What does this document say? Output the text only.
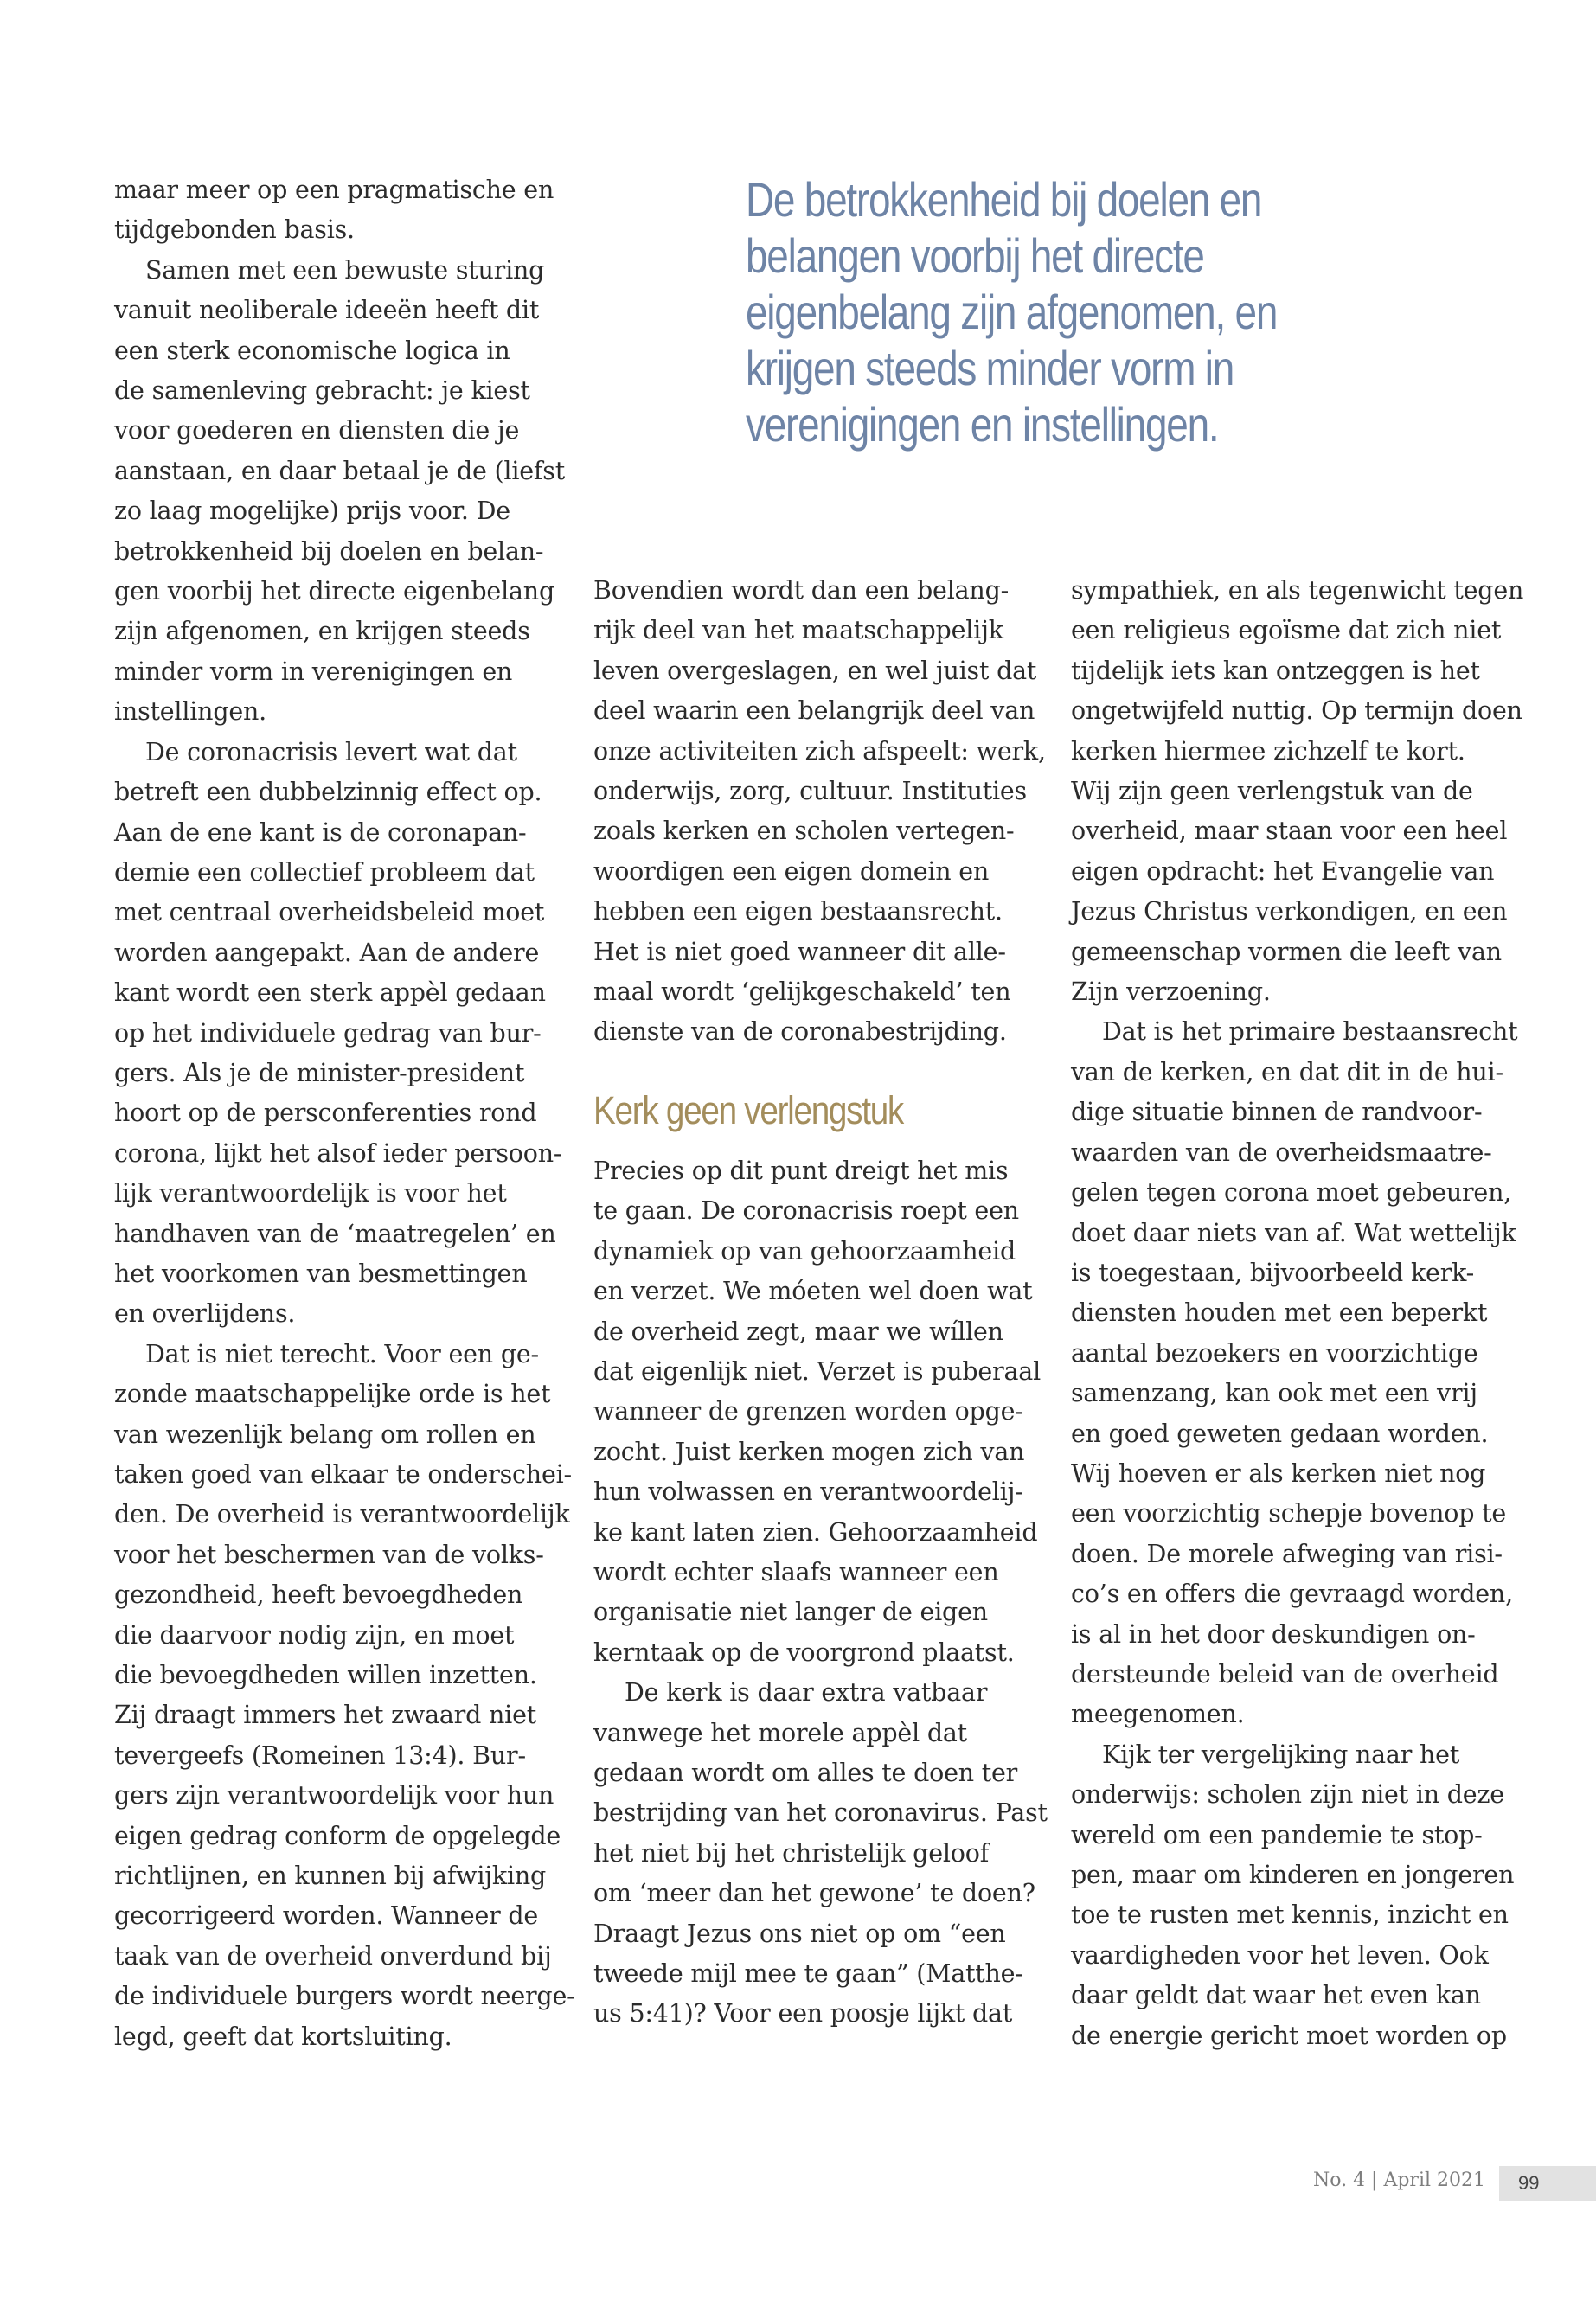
De betrokkenheid bij doelen en
belangen voorbij het directe
eigenbelang zijn afgenomen, en
krijgen steeds minder vorm in
verenigingen en instellingen.
maar meer op een pragmatische en
tijdgebonden basis.
Samen met een bewuste sturing
vanuit neoliberale ideeën heeft dit
een sterk economische logica in
de samenleving gebracht: je kiest
voor goederen en diensten die je
aanstaan, en daar betaal je de (liefst
zo laag mogelijke) prijs voor. De
betrokkenheid bij doelen en belan-
gen voorbij het directe eigenbelang
zijn afgenomen, en krijgen steeds
minder vorm in verenigingen en
instellingen.
De coronacrisis levert wat dat
betreft een dubbelzinnig effect op.
Aan de ene kant is de coronapan-
demie een collectief probleem dat
met centraal overheidsbeleid moet
worden aangepakt. Aan de andere
kant wordt een sterk appèl gedaan
op het individuele gedrag van bur-
gers. Als je de minister-president
hoort op de persconferenties rond
corona, lijkt het alsof ieder persoon-
lijk verantwoordelijk is voor het
handhaven van de ‘maatregelen’ en
het voorkomen van besmettingen
en overlijdens.
Dat is niet terecht. Voor een ge-
zonde maatschappelijke orde is het
van wezenlijk belang om rollen en
taken goed van elkaar te onderschei-
den. De overheid is verantwoordelijk
voor het beschermen van de volks-
gezondheid, heeft bevoegdheden
die daarvoor nodig zijn, en moet
die bevoegdheden willen inzetten.
Zij draagt immers het zwaard niet
tevergeefs (Romeinen 13:4). Bur-
gers zijn verantwoordelijk voor hun
eigen gedrag conform de opgelegde
richtlijnen, en kunnen bij afwijking
gecorrigeerd worden. Wanneer de
taak van de overheid onverdund bij
de individuele burgers wordt neerge-
legd, geeft dat kortsluiting.
Bovendien wordt dan een belang-
rijk deel van het maatschappelijk
leven overgeslagen, en wel juist dat
deel waarin een belangrijk deel van
onze activiteiten zich afspeelt: werk,
onderwijs, zorg, cultuur. Instituties
zoals kerken en scholen vertegen-
woordigen een eigen domein en
hebben een eigen bestaansrecht.
Het is niet goed wanneer dit alle-
maal wordt ‘gelijkgeschakeld’ ten
dienste van de coronabestrijding.
Kerk geen verlengstuk
Precies op dit punt dreigt het mis
te gaan. De coronacrisis roept een
dynamiek op van gehoorzaamheid
en verzet. We móeten wel doen wat
de overheid zegt, maar we wíllen
dat eigenlijk niet. Verzet is puberaal
wanneer de grenzen worden opge-
zocht. Juist kerken mogen zich van
hun volwassen en verantwoordelij-
ke kant laten zien. Gehoorzaamheid
wordt echter slaafs wanneer een
organisatie niet langer de eigen
kerntaak op de voorgrond plaatst.
De kerk is daar extra vatbaar
vanwege het morele appèl dat
gedaan wordt om alles te doen ter
bestrijding van het coronavirus. Past
het niet bij het christelijk geloof
om ‘meer dan het gewone’ te doen?
Draagt Jezus ons niet op om “een
tweede mijl mee te gaan” (Matthe-
us 5:41)? Voor een poosje lijkt dat
sympathiek, en als tegenwicht tegen
een religieus egoïsme dat zich niet
tijdelijk iets kan ontzeggen is het
ongetwijfeld nuttig. Op termijn doen
kerken hiermee zichzelf te kort.
Wij zijn geen verlengstuk van de
overheid, maar staan voor een heel
eigen opdracht: het Evangelie van
Jezus Christus verkondigen, en een
gemeenschap vormen die leeft van
Zijn verzoening.
Dat is het primaire bestaansrecht
van de kerken, en dat dit in de hui-
dige situatie binnen de randvoor-
waarden van de overheidsmaatre-
gelen tegen corona moet gebeuren,
doet daar niets van af. Wat wettelijk
is toegestaan, bijvoorbeeld kerk-
diensten houden met een beperkt
aantal bezoekers en voorzichtige
samenzang, kan ook met een vrij
en goed geweten gedaan worden.
Wij hoeven er als kerken niet nog
een voorzichtig schepje bovenop te
doen. De morele afweging van risi-
co’s en offers die gevraagd worden,
is al in het door deskundigen on-
dersteunde beleid van de overheid
meegenomen.
Kijk ter vergelijking naar het
onderwijs: scholen zijn niet in deze
wereld om een pandemie te stop-
pen, maar om kinderen en jongeren
toe te rusten met kennis, inzicht en
vaardigheden voor het leven. Ook
daar geldt dat waar het even kan
de energie gericht moet worden op
No. 4 | April 2021	99
